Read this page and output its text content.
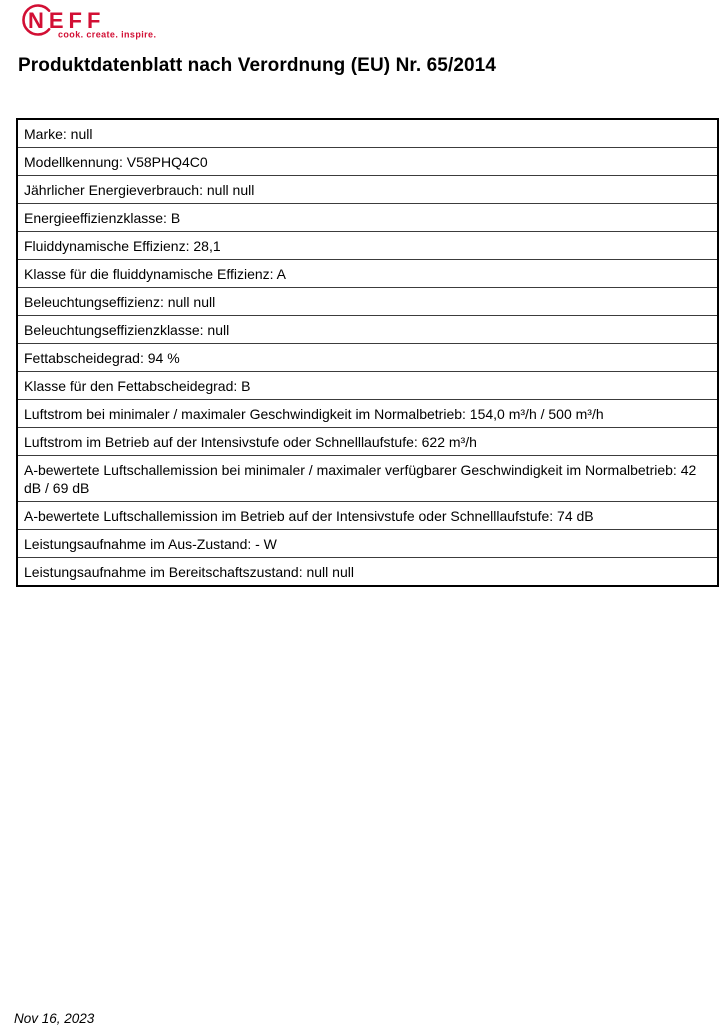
NEFF
cook. create. inspire.
Produktdatenblatt nach Verordnung (EU) Nr. 65/2014
Marke: null
Modellkennung: V58PHQ4C0
Jährlicher Energieverbrauch: null null
Energieeffizienzklasse: B
Fluiddynamische Effizienz: 28,1
Klasse für die fluiddynamische Effizienz: A
Beleuchtungseffizienz: null null
Beleuchtungseffizienzklasse: null
Fettabscheidegrad: 94 %
Klasse für den Fettabscheidegrad: B
Luftstrom bei minimaler / maximaler Geschwindigkeit im Normalbetrieb: 154,0 m³/h / 500 m³/h
Luftstrom im Betrieb auf der Intensivstufe oder Schnelllaufstufe: 622 m³/h
A-bewertete Luftschallemission bei minimaler / maximaler verfügbarer Geschwindigkeit im Normalbetrieb: 42 dB / 69 dB
A-bewertete Luftschallemission im Betrieb auf der Intensivstufe oder Schnelllaufstufe: 74 dB
Leistungsaufnahme im Aus-Zustand: - W
Leistungsaufnahme im Bereitschaftszustand: null null
Nov 16, 2023
